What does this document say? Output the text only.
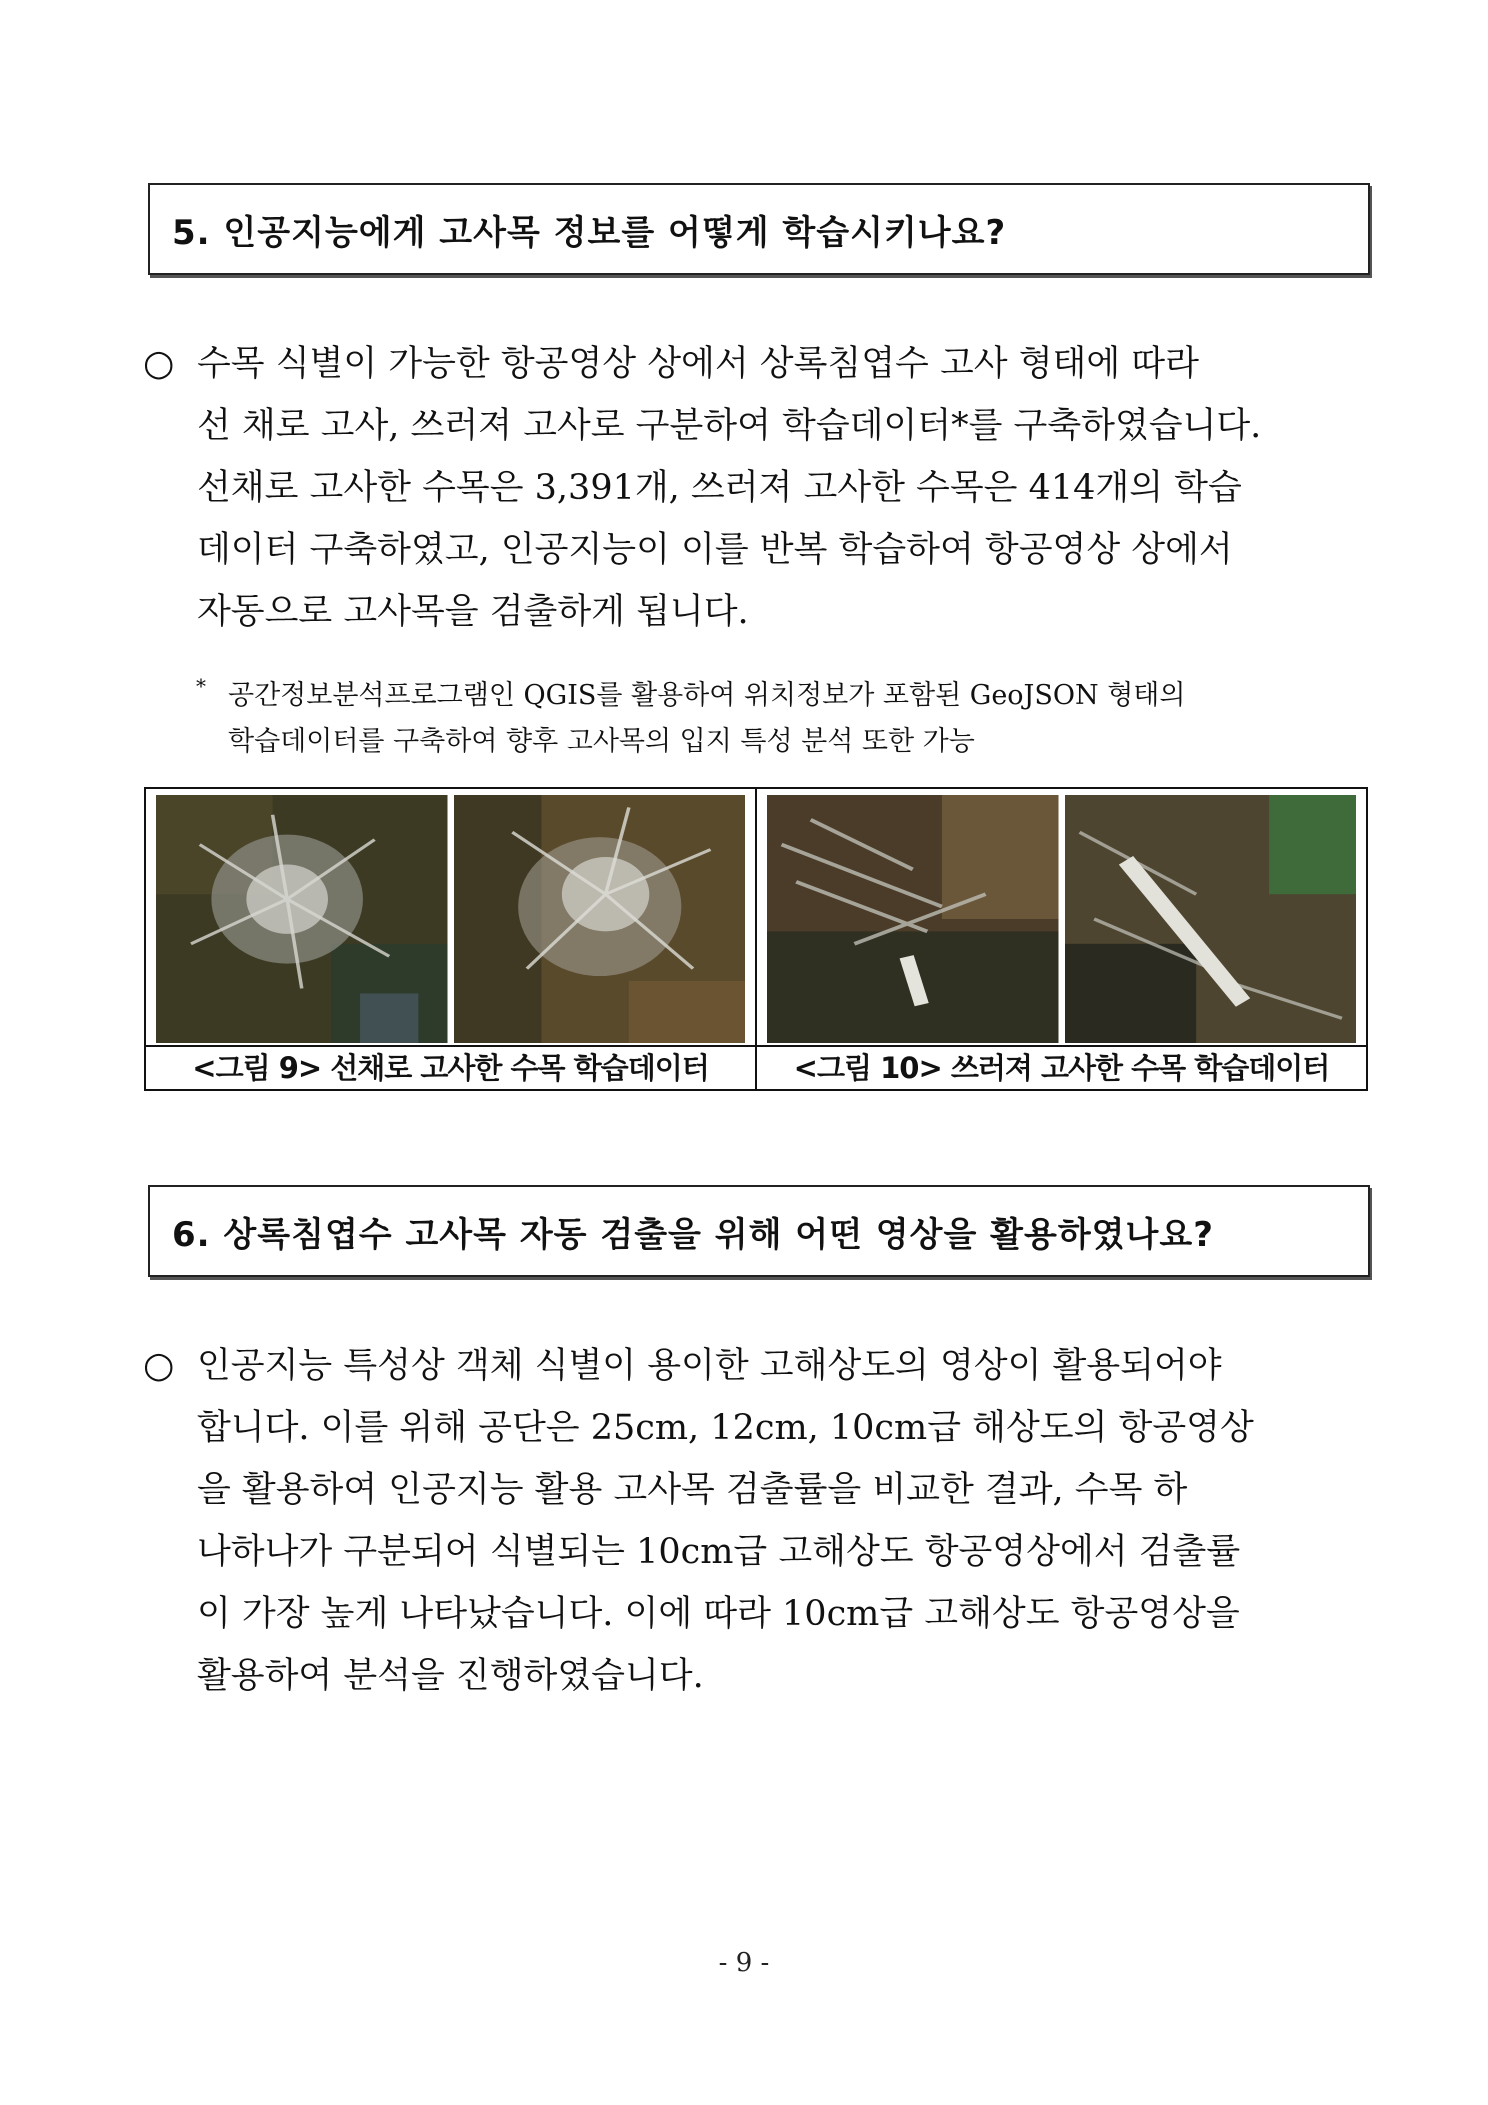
5. 인공지능에게 고사목 정보를 어떻게 학습시키나요?
○ 수목 식별이 가능한 항공영상 상에서 상록침엽수 고사 형태에 따라
선 채로 고사, 쓰러져 고사로 구분하여 학습데이터*를 구축하였습니다.
선채로 고사한 수목은 3,391개, 쓰러져 고사한 수목은 414개의 학습
데이터 구축하였고, 인공지능이 이를 반복 학습하여 항공영상 상에서
자동으로 고사목을 검출하게 됩니다.
* 공간정보분석프로그램인 QGIS를 활용하여 위치정보가 포함된 GeoJSON 형태의
학습데이터를 구축하여 향후 고사목의 입지 특성 분석 또한 가능
<그림 9> 선채로 고사한 수목 학습데이터	<그림 10> 쓰러져 고사한 수목 학습데이터
6. 상록침엽수 고사목 자동 검출을 위해 어떤 영상을 활용하였나요?
○ 인공지능 특성상 객체 식별이 용이한 고해상도의 영상이 활용되어야
합니다. 이를 위해 공단은 25cm, 12cm, 10cm급 해상도의 항공영상
을 활용하여 인공지능 활용 고사목 검출률을 비교한 결과, 수목 하
나하나가 구분되어 식별되는 10cm급 고해상도 항공영상에서 검출률
이 가장 높게 나타났습니다. 이에 따라 10cm급 고해상도 항공영상을
활용하여 분석을 진행하였습니다.
- 9 -
